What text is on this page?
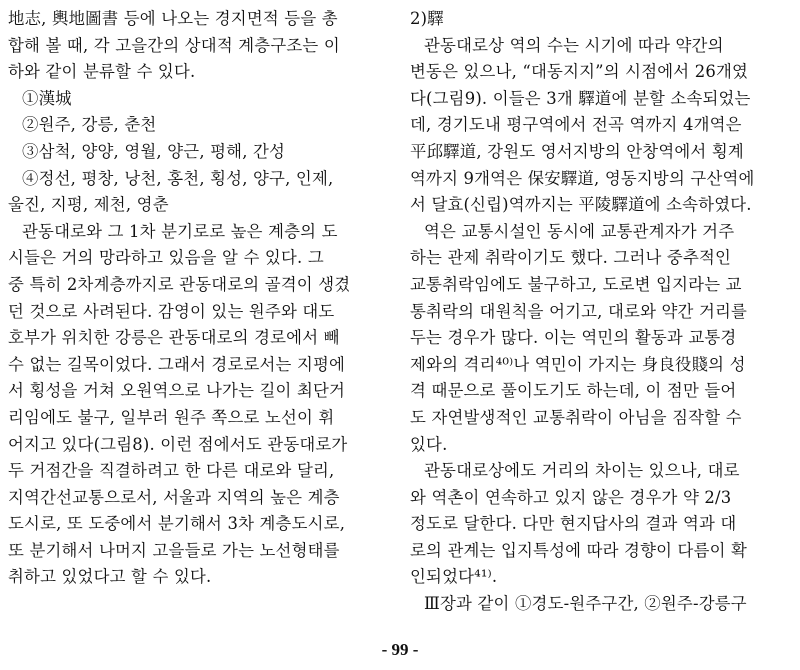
地志, 輿地圖書 등에 나오는 경지면적 등을 총
합해 볼 때, 각 고을간의 상대적 계층구조는 이
하와 같이 분류할 수 있다.
①漢城
②원주, 강릉, 춘천
③삼척, 양양, 영월, 양근, 평해, 간성
④정선, 평창, 낭천, 홍천, 횡성, 양구, 인제,
울진, 지평, 제천, 영춘
관동대로와 그 1차 분기로로 높은 계층의 도
시들은 거의 망라하고 있음을 알 수 있다. 그
중 특히 2차계층까지로 관동대로의 골격이 생겼
던 것으로 사려된다. 감영이 있는 원주와 대도
호부가 위치한 강릉은 관동대로의 경로에서 빼
수 없는 길목이었다. 그래서 경로로서는 지평에
서 횡성을 거쳐 오원역으로 나가는 길이 최단거
리임에도 불구, 일부러 원주 쪽으로 노선이 휘
어지고 있다(그림8). 이런 점에서도 관동대로가
두 거점간을 직결하려고 한 다른 대로와 달리,
지역간선교통으로서, 서울과 지역의 높은 계층
도시로, 또 도중에서 분기해서 3차 계층도시로,
또 분기해서 나머지 고을들로 가는 노선형태를
취하고 있었다고 할 수 있다.
2)驛
관동대로상 역의 수는 시기에 따라 약간의
변동은 있으나, “대동지지”의 시점에서 26개였
다(그림9). 이들은 3개 驛道에 분할 소속되었는
데, 경기도내 평구역에서 전곡 역까지 4개역은
平邱驛道, 강원도 영서지방의 안창역에서 횡계
역까지 9개역은 保安驛道, 영동지방의 구산역에
서 달효(신립)역까지는 平陵驛道에 소속하였다.
역은 교통시설인 동시에 교통관계자가 거주
하는 관제 취락이기도 했다. 그러나 중추적인
교통취락임에도 불구하고, 도로변 입지라는 교
통취락의 대원칙을 어기고, 대로와 약간 거리를
두는 경우가 많다. 이는 역민의 활동과 교통경
제와의 격리⁴⁰⁾나 역민이 가지는 身良役賤의 성
격 때문으로 풀이도기도 하는데, 이 점만 들어
도 자연발생적인 교통취락이 아님을 짐작할 수
있다.
관동대로상에도 거리의 차이는 있으나, 대로
와 역촌이 연속하고 있지 않은 경우가 약 2/3
정도로 달한다. 다만 현지답사의 결과 역과 대
로의 관계는 입지특성에 따라 경향이 다름이 확
인되었다⁴¹⁾.
Ⅲ장과 같이 ①경도-원주구간, ②원주-강릉구
- 99 -
